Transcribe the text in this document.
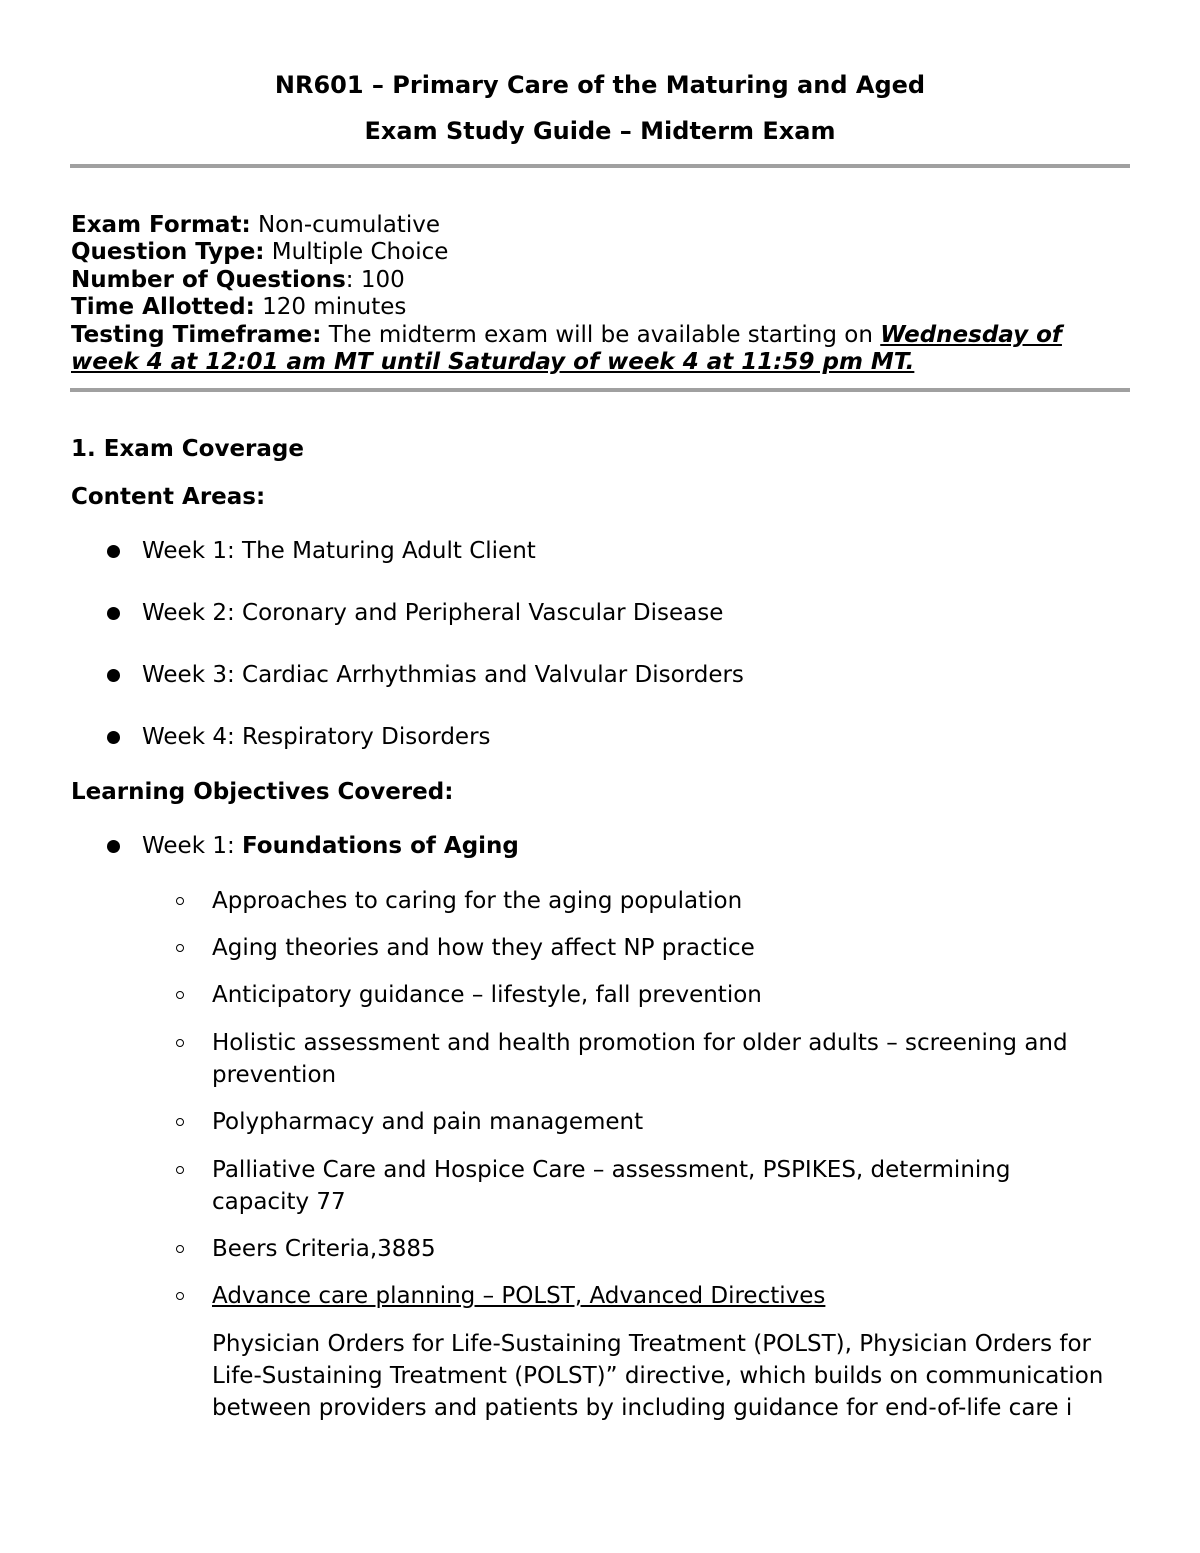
NR601 – Primary Care of the Maturing and Aged
Exam Study Guide – Midterm Exam
Exam Format: Non-cumulative
Question Type: Multiple Choice
Number of Questions: 100
Time Allotted: 120 minutes
Testing Timeframe: The midterm exam will be available starting on Wednesday of
week 4 at 12:01 am MT until Saturday of week 4 at 11:59 pm MT.
1. Exam Coverage
Content Areas:
Week 1: The Maturing Adult Client
Week 2: Coronary and Peripheral Vascular Disease
Week 3: Cardiac Arrhythmias and Valvular Disorders
Week 4: Respiratory Disorders
Learning Objectives Covered:
Week 1: Foundations of Aging
Approaches to caring for the aging population
Aging theories and how they affect NP practice
Anticipatory guidance – lifestyle, fall prevention
Holistic assessment and health promotion for older adults – screening and prevention
Polypharmacy and pain management
Palliative Care and Hospice Care – assessment, PSPIKES, determining capacity 77
Beers Criteria,3885
Advance care planning – POLST, Advanced Directives
Physician Orders for Life-Sustaining Treatment (POLST), Physician Orders for Life-Sustaining Treatment (POLST)” directive, which builds on communication between providers and patients by including guidance for end-of-life care i
